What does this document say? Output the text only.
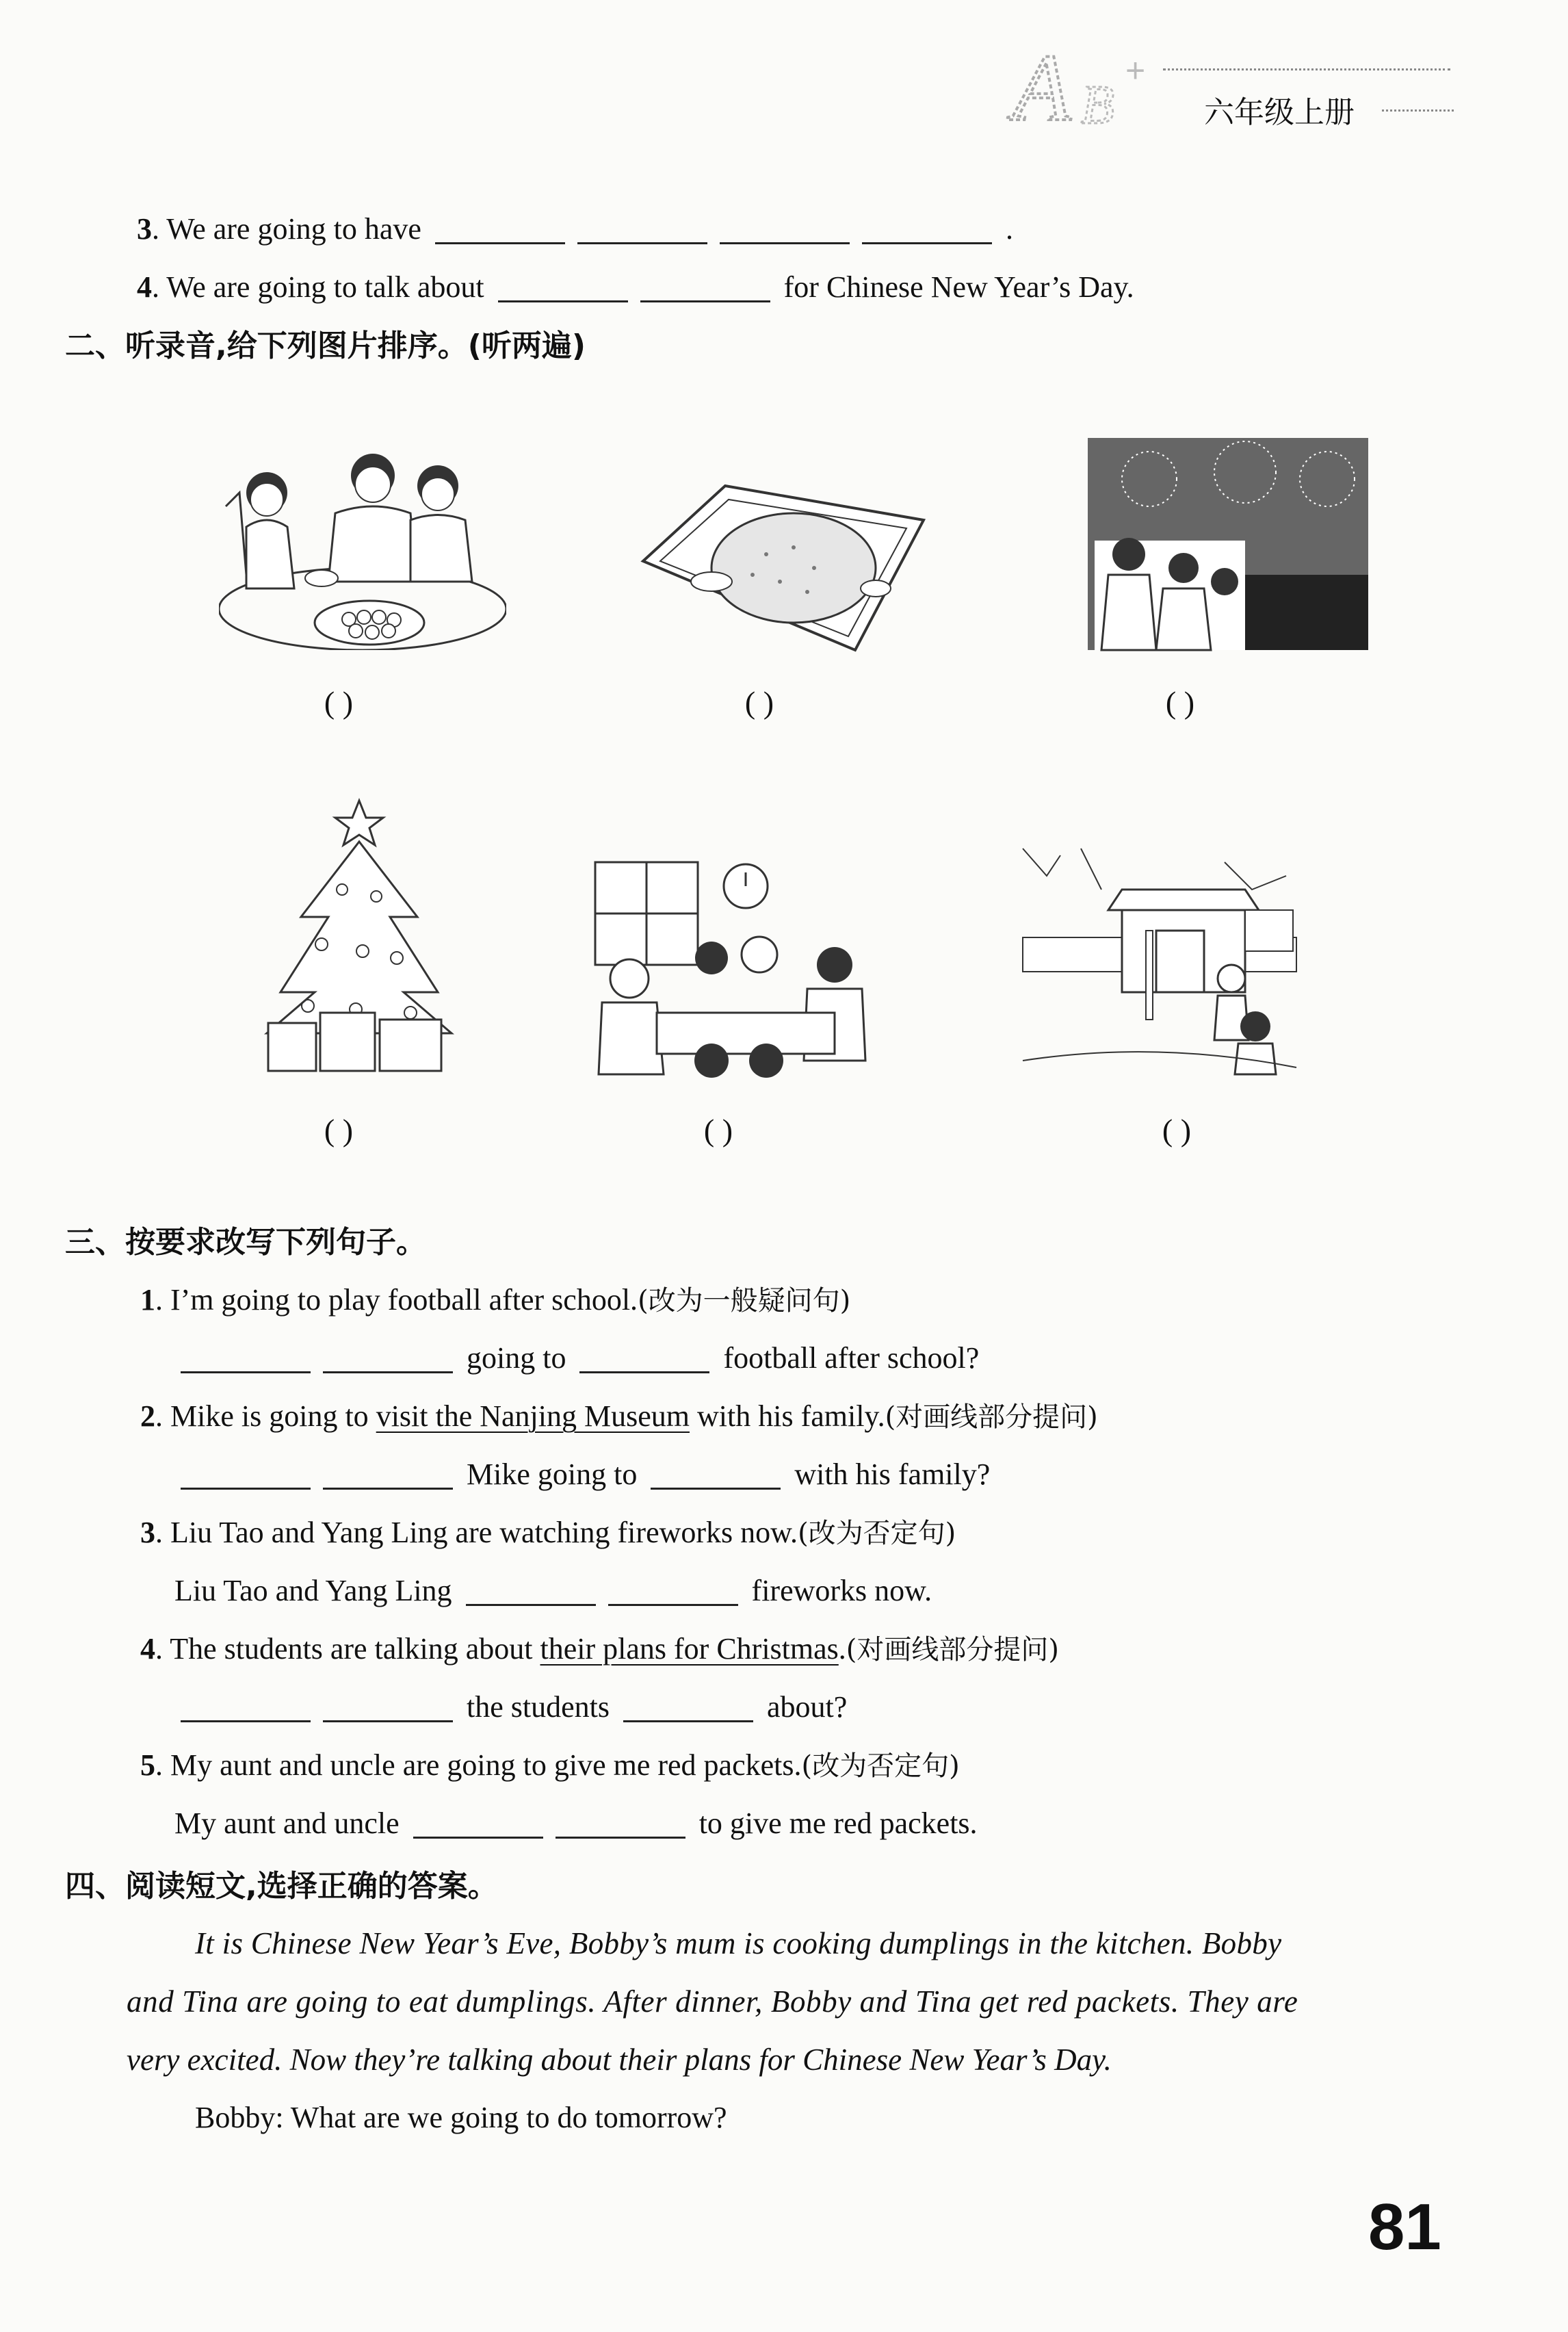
A B
+
六年级上册
3. We are going to have	.
4. We are going to talk about	for Chinese New Year’s Day.
二、听录音,给下列图片排序。(听两遍)
( )	( )	( )
( )	( )	( )
三、按要求改写下列句子。
1. I’m going to play football after school.(改为一般疑问句)
going to	football after school?
2. Mike is going to visit the Nanjing Museum with his family.(对画线部分提问)
Mike going to	with his family?
3. Liu Tao and Yang Ling are watching fireworks now.(改为否定句)
Liu Tao and Yang Ling	fireworks now.
4. The students are talking about their plans for Christmas.(对画线部分提问)
the students	about?
5. My aunt and uncle are going to give me red packets.(改为否定句)
My aunt and uncle	to give me red packets.
四、阅读短文,选择正确的答案。
It is Chinese New Year’s Eve, Bobby’s mum is cooking dumplings in the kitchen. Bobby
and Tina are going to eat dumplings. After dinner, Bobby and Tina get red packets. They are
very excited. Now they’re talking about their plans for Chinese New Year’s Day.
Bobby: What are we going to do tomorrow?
81
